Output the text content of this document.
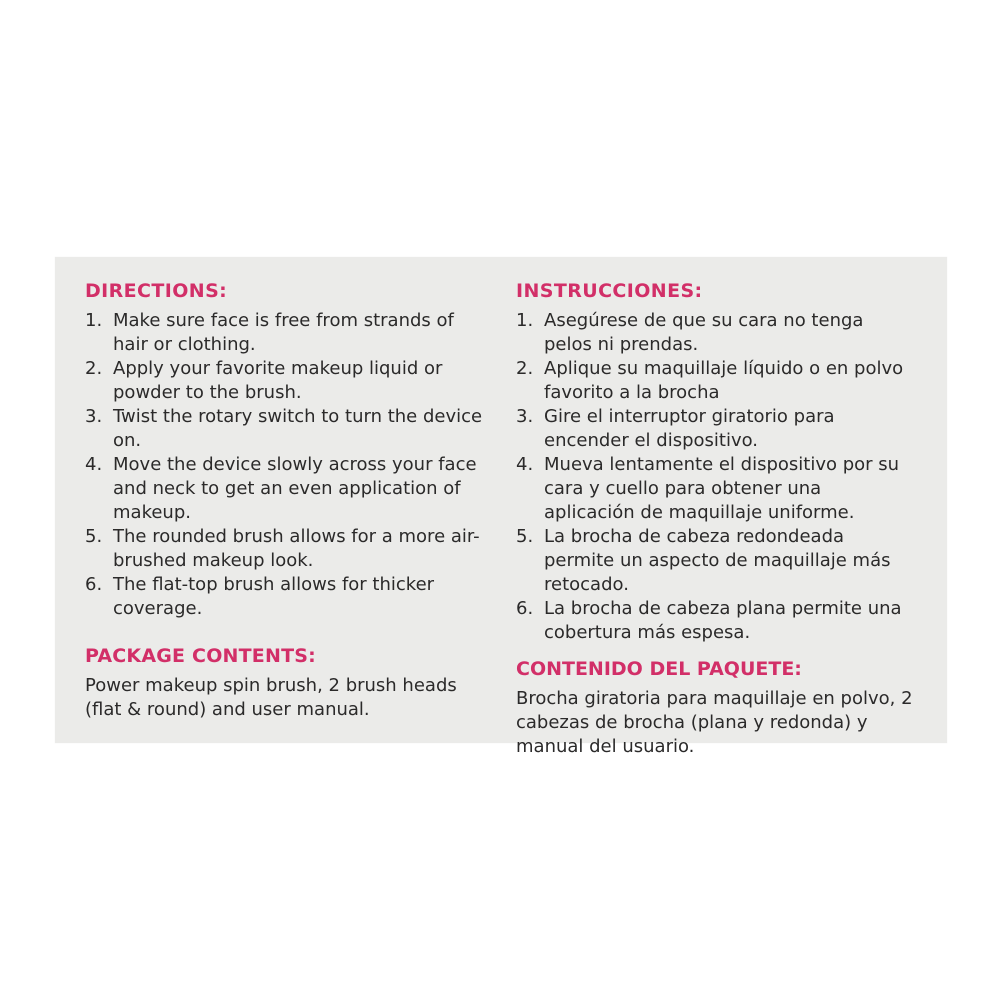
DIRECTIONS:
1. Make sure face is free from strands of hair or clothing.
2. Apply your favorite makeup liquid or powder to the brush.
3. Twist the rotary switch to turn the device on.
4. Move the device slowly across your face and neck to get an even application of makeup.
5. The rounded brush allows for a more air-brushed makeup look.
6. The flat-top brush allows for thicker coverage.
PACKAGE CONTENTS:

Power makeup spin brush, 2 brush heads (flat & round) and user manual.

INSTRUCCIONES:
1. Asegúrese de que su cara no tenga pelos ni prendas.
2. Aplique su maquillaje líquido o en polvo favorito a la brocha
3. Gire el interruptor giratorio para encender el dispositivo.
4. Mueva lentamente el dispositivo por su cara y cuello para obtener una aplicación de maquillaje uniforme.
5. La brocha de cabeza redondeada permite un aspecto de maquillaje más retocado.
6. La brocha de cabeza plana permite una cobertura más espesa.
CONTENIDO DEL PAQUETE:

Brocha giratoria para maquillaje en polvo, 2 cabezas de brocha (plana y redonda) y manual del usuario.
